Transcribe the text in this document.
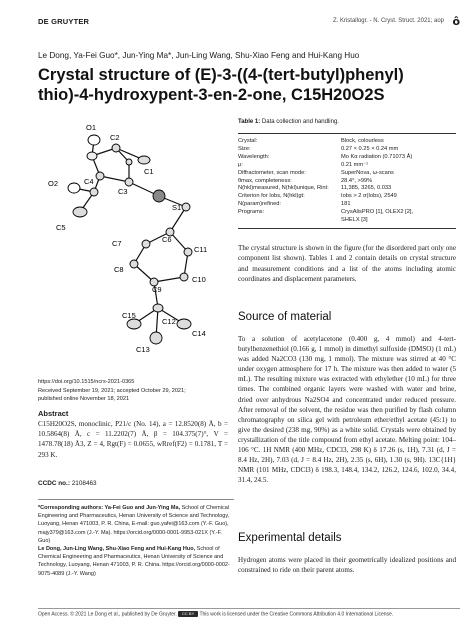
DE GRUYTER	Z. Kristallogr. - N. Cryst. Struct. 2021; aop ô
Le Dong, Ya-Fei Guo*, Jun-Ying Ma*, Jun-Ling Wang, Shu-Xiao Feng and Hui-Kang Huo
Crystal structure of (E)-3-((4-(tert-butyl)phenyl) thio)-4-hydroxypent-3-en-2-one, C15H20O2S
O1
C2
O2	C4
C1
C3
C5
S1
C6
C7
C11
C8
C9
C10
C15
C12
C14
C13
https://doi.org/10.1515/ncrs-2021-0365
Received September 19, 2021; accepted October 29, 2021;
published online November 18, 2021
Abstract
C15H20O2S, monoclinic, P21/c (No. 14), a = 12.8520(8) Å, b = 10.5864(8) Å, c = 11.2202(7) Å, β = 104.375(7)°, V = 1478.78(18) Å3, Z = 4, Rgt(F) = 0.0655, wRref(F2) = 0.1781, T = 293 K.
CCDC no.: 2108463
*Corresponding authors: Ya-Fei Guo and Jun-Ying Ma, School of Chemical Engineering and Pharmaceutics, Henan University of Science and Technology, Luoyang, Henan 471003, P. R. China, E-mail: guo.yafei@163.com (Y.-F. Guo), majy379@163.com (J.-Y. Ma). https://orcid.org/0000-0001-9953-021X (Y.-F. Guo)
Le Dong, Jun-Ling Wang, Shu-Xiao Feng and Hui-Kang Huo, School of Chemical Engineering and Pharmaceutics, Henan University of Science and Technology, Luoyang, Henan 471003, P. R. China. https://orcid.org/0000-0002-9075-4089 (J.-Y. Wang)
Table 1: Data collection and handling.
Crystal:	Block, colourless
Size:	0.27 × 0.25 × 0.24 mm
Wavelength:	Mo Kα radiation (0.71073 Å)
μ:	0.21 mm⁻¹
Diffractometer, scan mode:	SuperNova, ω-scans
θmax, completeness:	28.4°, >99%
N(hkl)measured, N(hkl)unique, Rint:	11,385, 3265, 0.033
Criterion for Iobs, N(hkl)gt:	Iobs > 2 σ(Iobs), 2549
N(param)refined:	181
Programs:	CrysAlisPRO [1], OLEX2 [2],
SHELX [3]
The crystal structure is shown in the figure (for the disordered part only one component list shown). Tables 1 and 2 contain details on crystal structure and measurement conditions and a list of the atoms including atomic coordinates and displacement parameters.
Source of material
To a solution of acetylacetone (0.400 g, 4 mmol) and 4-tert-butylbenzenethiol (0.166 g, 1 mmol) in dimethyl sulfoxide (DMSO) (1 mL) was added Na2CO3 (130 mg, 1 mmol). The mixture was stirred at 40 °C under oxygen atmosphere for 17 h. The mixture was then added to water (5 mL). The resulting mixture was extracted with ethylether (10 mL) for three times. The combined organic layers were washed with water and brine, dried over anhydrous Na2SO4 and concentrated under reduced pressure. After removal of the solvent, the residue was then purified by flash column chromatography on silica gel with petroleum ether/ethyl acetate (45:1) to give the desired (238 mg, 90%) as a white solid. Crystals were obtained by crystallization of the title compound from ethyl acetate. Melting point: 104–106 °C. 1H NMR (400 MHz, CDCl3, 298 K) δ 17.26 (s, 1H), 7.31 (d, J = 8.4 Hz, 2H), 7.03 (d, J = 8.4 Hz, 2H), 2.35 (s, 6H), 1.30 (s, 9H). 13C{1H} NMR (101 MHz, CDCl3) δ 198.3, 148.4, 134.2, 126.2, 124.6, 102.0, 34.4, 31.4, 24.5.
Experimental details
Hydrogen atoms were placed in their geometrically idealized positions and constrained to ride on their parent atoms.
Open Access. © 2021 Le Dong et al., published by De Gruyter. CC BY This work is licensed under the Creative Commons Attribution 4.0 International License.
